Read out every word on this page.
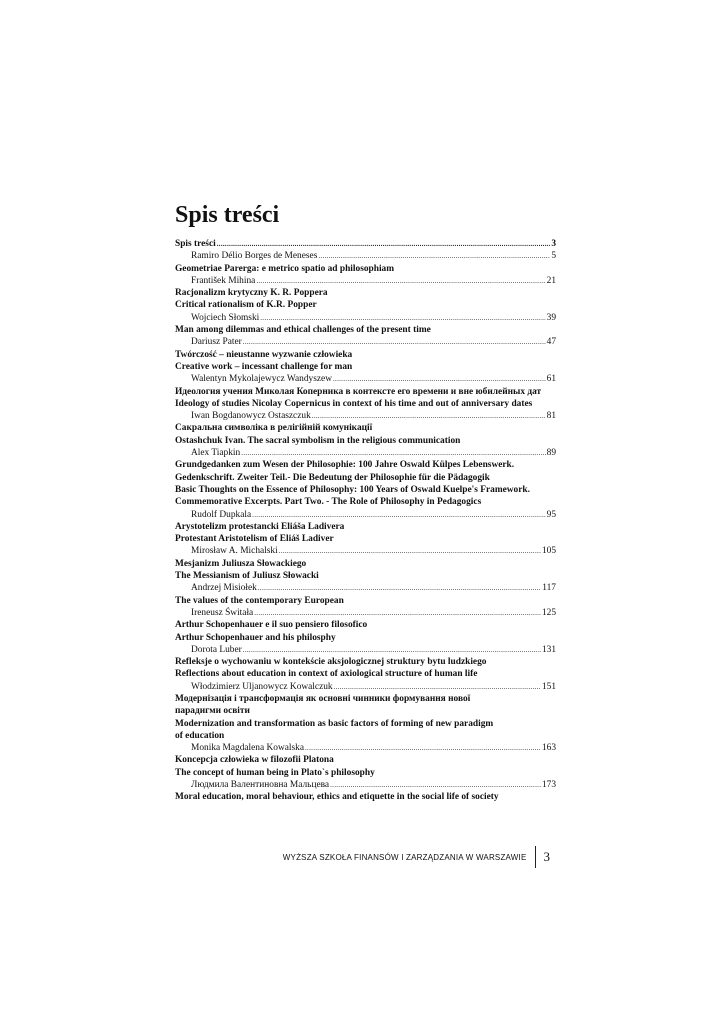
Spis treści
Spis treści .....	3
Ramiro Délio Borges de Meneses .....	5
Geometriae Parerga: e metrico spatio ad philosophiam
František Mihina .....	21
Racjonalizm krytyczny K. R. Poppera
Critical rationalism of K.R. Popper
Wojciech Słomski .....	39
Man among dilemmas and ethical challenges of the present time
Dariusz Pater .....	47
Twórczość – nieustanne wyzwanie człowieka
Creative work – incessant challenge for man
Walentyn Mykolajewycz Wandyszew .....	61
Идеология учения Миколая Коперника в контексте его времени и вне юбилейных дат
Ideology of studies Nicolay Copernicus in context of his time and out of anniversary dates
Iwan Bogdanowycz Ostaszczuk .....	81
Сакральна символіка в релігійній комунікації
Ostashchuk Ivan. The sacral symbolism in the religious communication
Alex Tiapkin .....	89
Grundgedanken zum Wesen der Philosophie: 100 Jahre Oswald Külpes Lebenswerk.
Gedenkschrift. Zweiter Teil.- Die Bedeutung der Philosophie für die Pädagogik
Basic Thoughts on the Essence of Philosophy: 100 Years of Oswald Kuelpe's Framework.
Commemorative Excerpts. Part Two. - The Role of Philosophy in Pedagogics
Rudolf Dupkala .....	95
Arystotelizm protestancki Eliáša Ladivera
Protestant Aristotelism of Eliáš Ladiver
Mirosław A. Michalski .....	105
Mesjanizm Juliusza Słowackiego
The Messianism of Juliusz Słowacki
Andrzej Misiołek .....	117
The values of the contemporary European
Ireneusz Świtała .....	125
Arthur Schopenhauer e il suo pensiero filosofico
Arthur Schopenhauer and his philosphy
Dorota Luber .....	131
Refleksje o wychowaniu w kontekście aksjologicznej struktury bytu ludzkiego
Reflections about education in context of axiological structure of human life
Włodzimierz Uljanowycz Kowalczuk .....	151
Модернізація і трансформація як основні чинники формування нової
парадигми освіти
Modernization and transformation as basic factors of forming of new paradigm
of education
Monika Magdalena Kowalska .....	163
Koncepcja człowieka w filozofii Platona
The concept of human being in Plato`s philosophy
Людмила Валентиновна Мальцева .....	173
Moral education, moral behaviour, ethics and etiquette in the social life of society
WYŻSZA SZKOŁA FINANSÓW I ZARZĄDZANIA W WARSZAWIE	3
